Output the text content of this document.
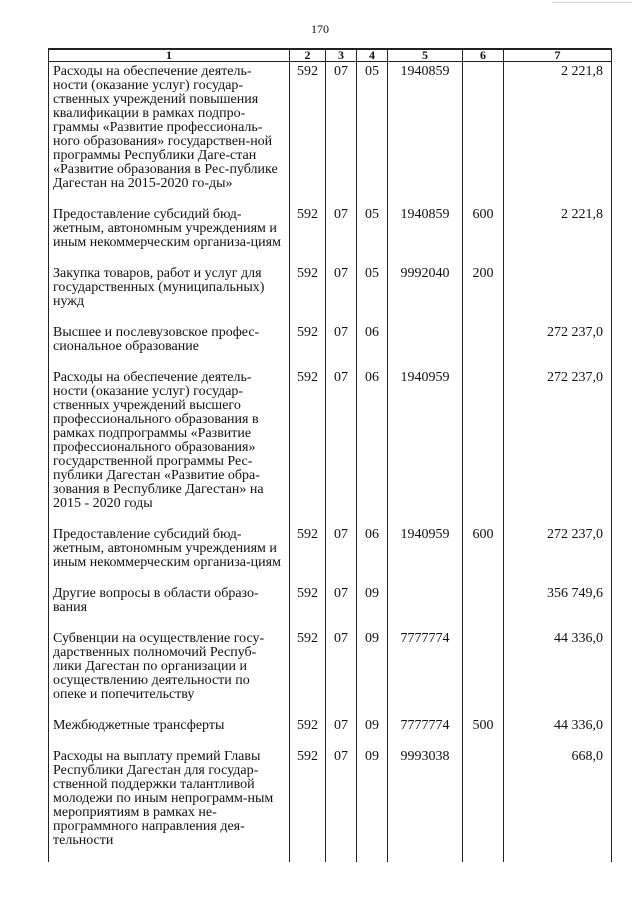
170
1	2	3	4	5	6	7
Расходы на обеспечение деятель-ности (оказание услуг) государ-ственных учреждений повышения квалификации в рамках подпро-граммы «Развитие профессиональ-ного образования» государствен-ной программы Республики Даге-стан «Развитие образования в Рес-публике Дагестан на 2015-2020 го-ды»	592	07	05	1940859		2 221,8
Предоставление субсидий бюд-жетным, автономным учреждениям и иным некоммерческим организа-циям	592	07	05	1940859	600	2 221,8
Закупка товаров, работ и услуг для государственных (муниципальных) нужд	592	07	05	9992040	200	
Высшее и послевузовское профес-сиональное образование	592	07	06			272 237,0
Расходы на обеспечение деятель-ности (оказание услуг) государ-ственных учреждений высшего профессионального образования в рамках подпрограммы «Развитие профессионального образования» государственной программы Рес-публики Дагестан «Развитие обра-зования в Республике Дагестан» на 2015 - 2020 годы	592	07	06	1940959		272 237,0
Предоставление субсидий бюд-жетным, автономным учреждениям и иным некоммерческим организа-циям	592	07	06	1940959	600	272 237,0
Другие вопросы в области образо-вания	592	07	09			356 749,6
Субвенции на осуществление госу-дарственных полномочий Респуб-лики Дагестан по организации и осуществлению деятельности по опеке и попечительству	592	07	09	7777774		44 336,0
Межбюджетные трансферты	592	07	09	7777774	500	44 336,0
Расходы на выплату премий Главы Республики Дагестан для государ-ственной поддержки талантливой молодежи по иным непрограмм-ным мероприятиям в рамках не-программного направления дея-тельности	592	07	09	9993038		668,0
